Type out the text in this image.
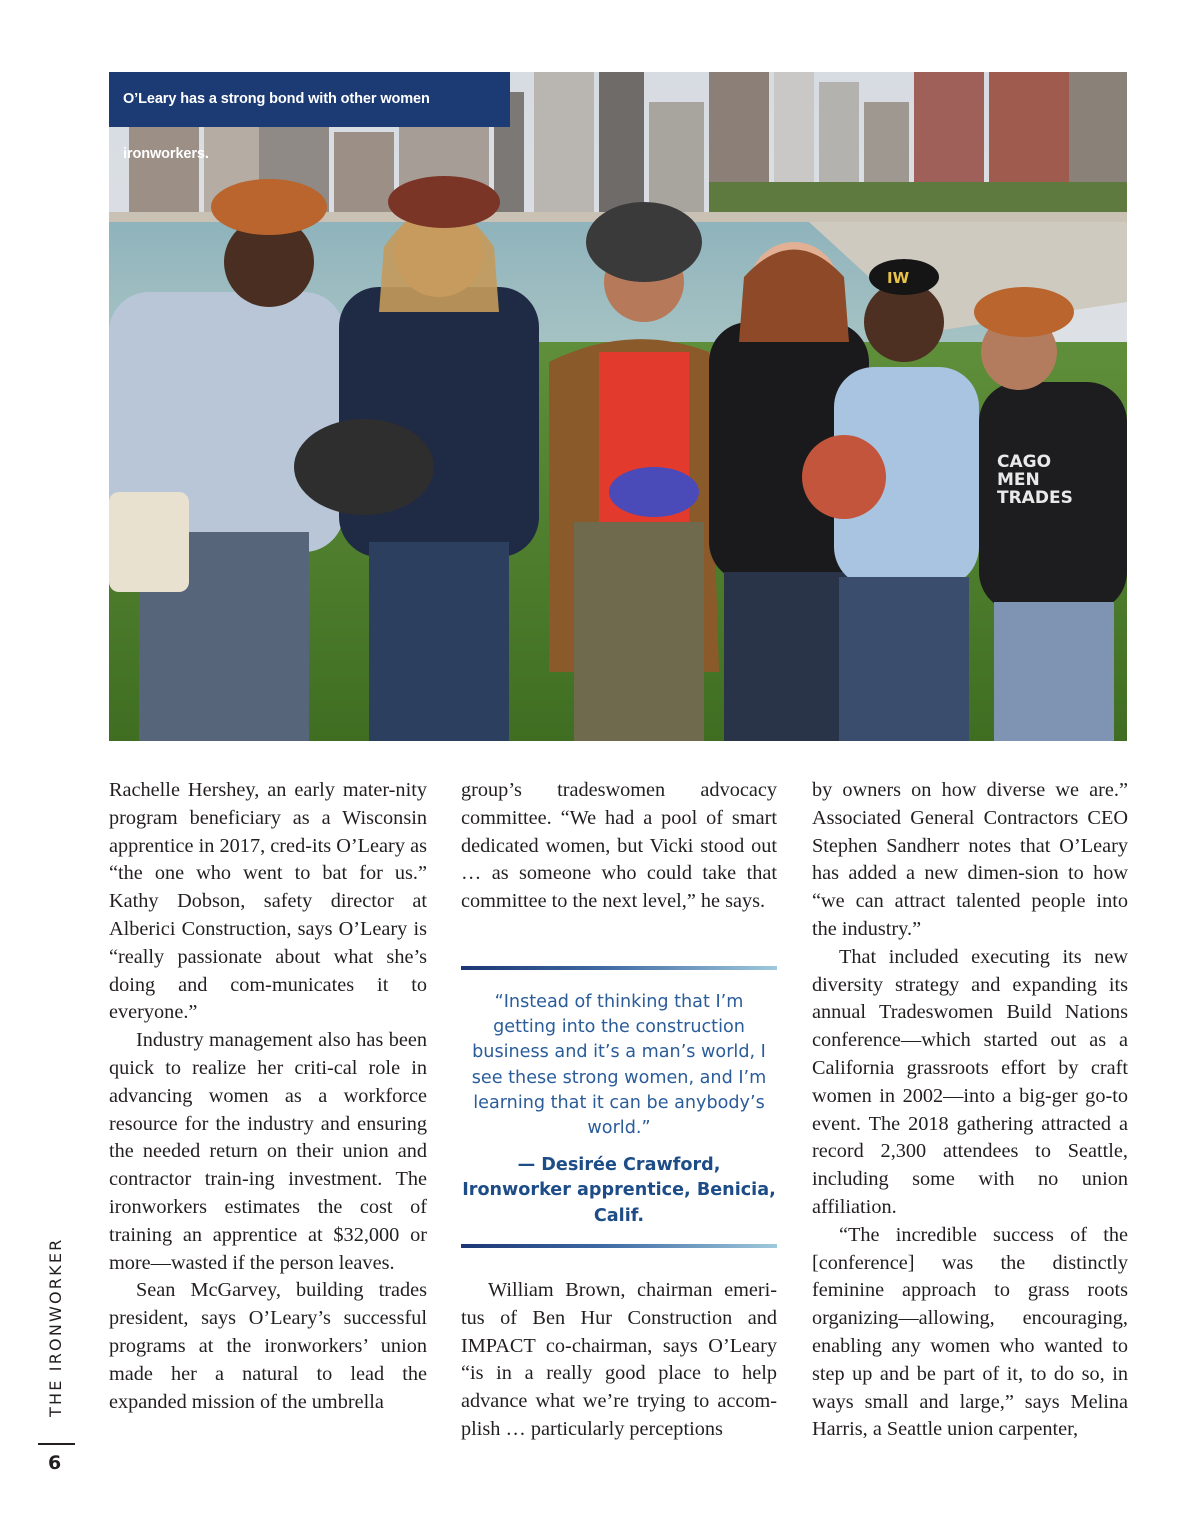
IW
CAGO
MEN
TRADES
O’Leary has a strong bond with other women ironworkers.

Rachelle Hershey, an early mater-nity program beneficiary as a Wisconsin apprentice in 2017, cred-its O’Leary as “the one who went to bat for us.” Kathy Dobson, safety director at Alberici Construction, says O’Leary is “really passionate about what she’s doing and com-municates it to everyone.”

Industry management also has been quick to realize her criti-cal role in advancing women as a workforce resource for the industry and ensuring the needed return on their union and contractor train-ing investment. The ironworkers estimates the cost of training an apprentice at $32,000 or more—wasted if the person leaves.

Sean McGarvey, building trades president, says O’Leary’s successful programs at the ironworkers’ union made her a natural to lead the expanded mission of the umbrella

group’s tradeswomen advocacy committee. “We had a pool of smart dedicated women, but Vicki stood out … as someone who could take that committee to the next level,” he says.

“Instead of thinking that I’m getting into the construction business and it’s a man’s world, I see these strong women, and I’m learning that it can be anybody’s world.”

— Desirée Crawford, Ironworker apprentice, Benicia, Calif.

William Brown, chairman emeri-tus of Ben Hur Construction and IMPACT co-chairman, says O’Leary “is in a really good place to help advance what we’re trying to accom-plish … particularly perceptions

by owners on how diverse we are.” Associated General Contractors CEO Stephen Sandherr notes that O’Leary has added a new dimen-sion to how “we can attract talented people into the industry.”

That included executing its new diversity strategy and expanding its annual Tradeswomen Build Nations conference—which started out as a California grassroots effort by craft women in 2002—into a big-ger go-to event. The 2018 gathering attracted a record 2,300 attendees to Seattle, including some with no union affiliation.

“The incredible success of the [conference] was the distinctly feminine approach to grass roots organizing—allowing, encouraging, enabling any women who wanted to step up and be part of it, to do so, in ways small and large,” says Melina Harris, a Seattle union carpenter,

THE IRONWORKER
6
